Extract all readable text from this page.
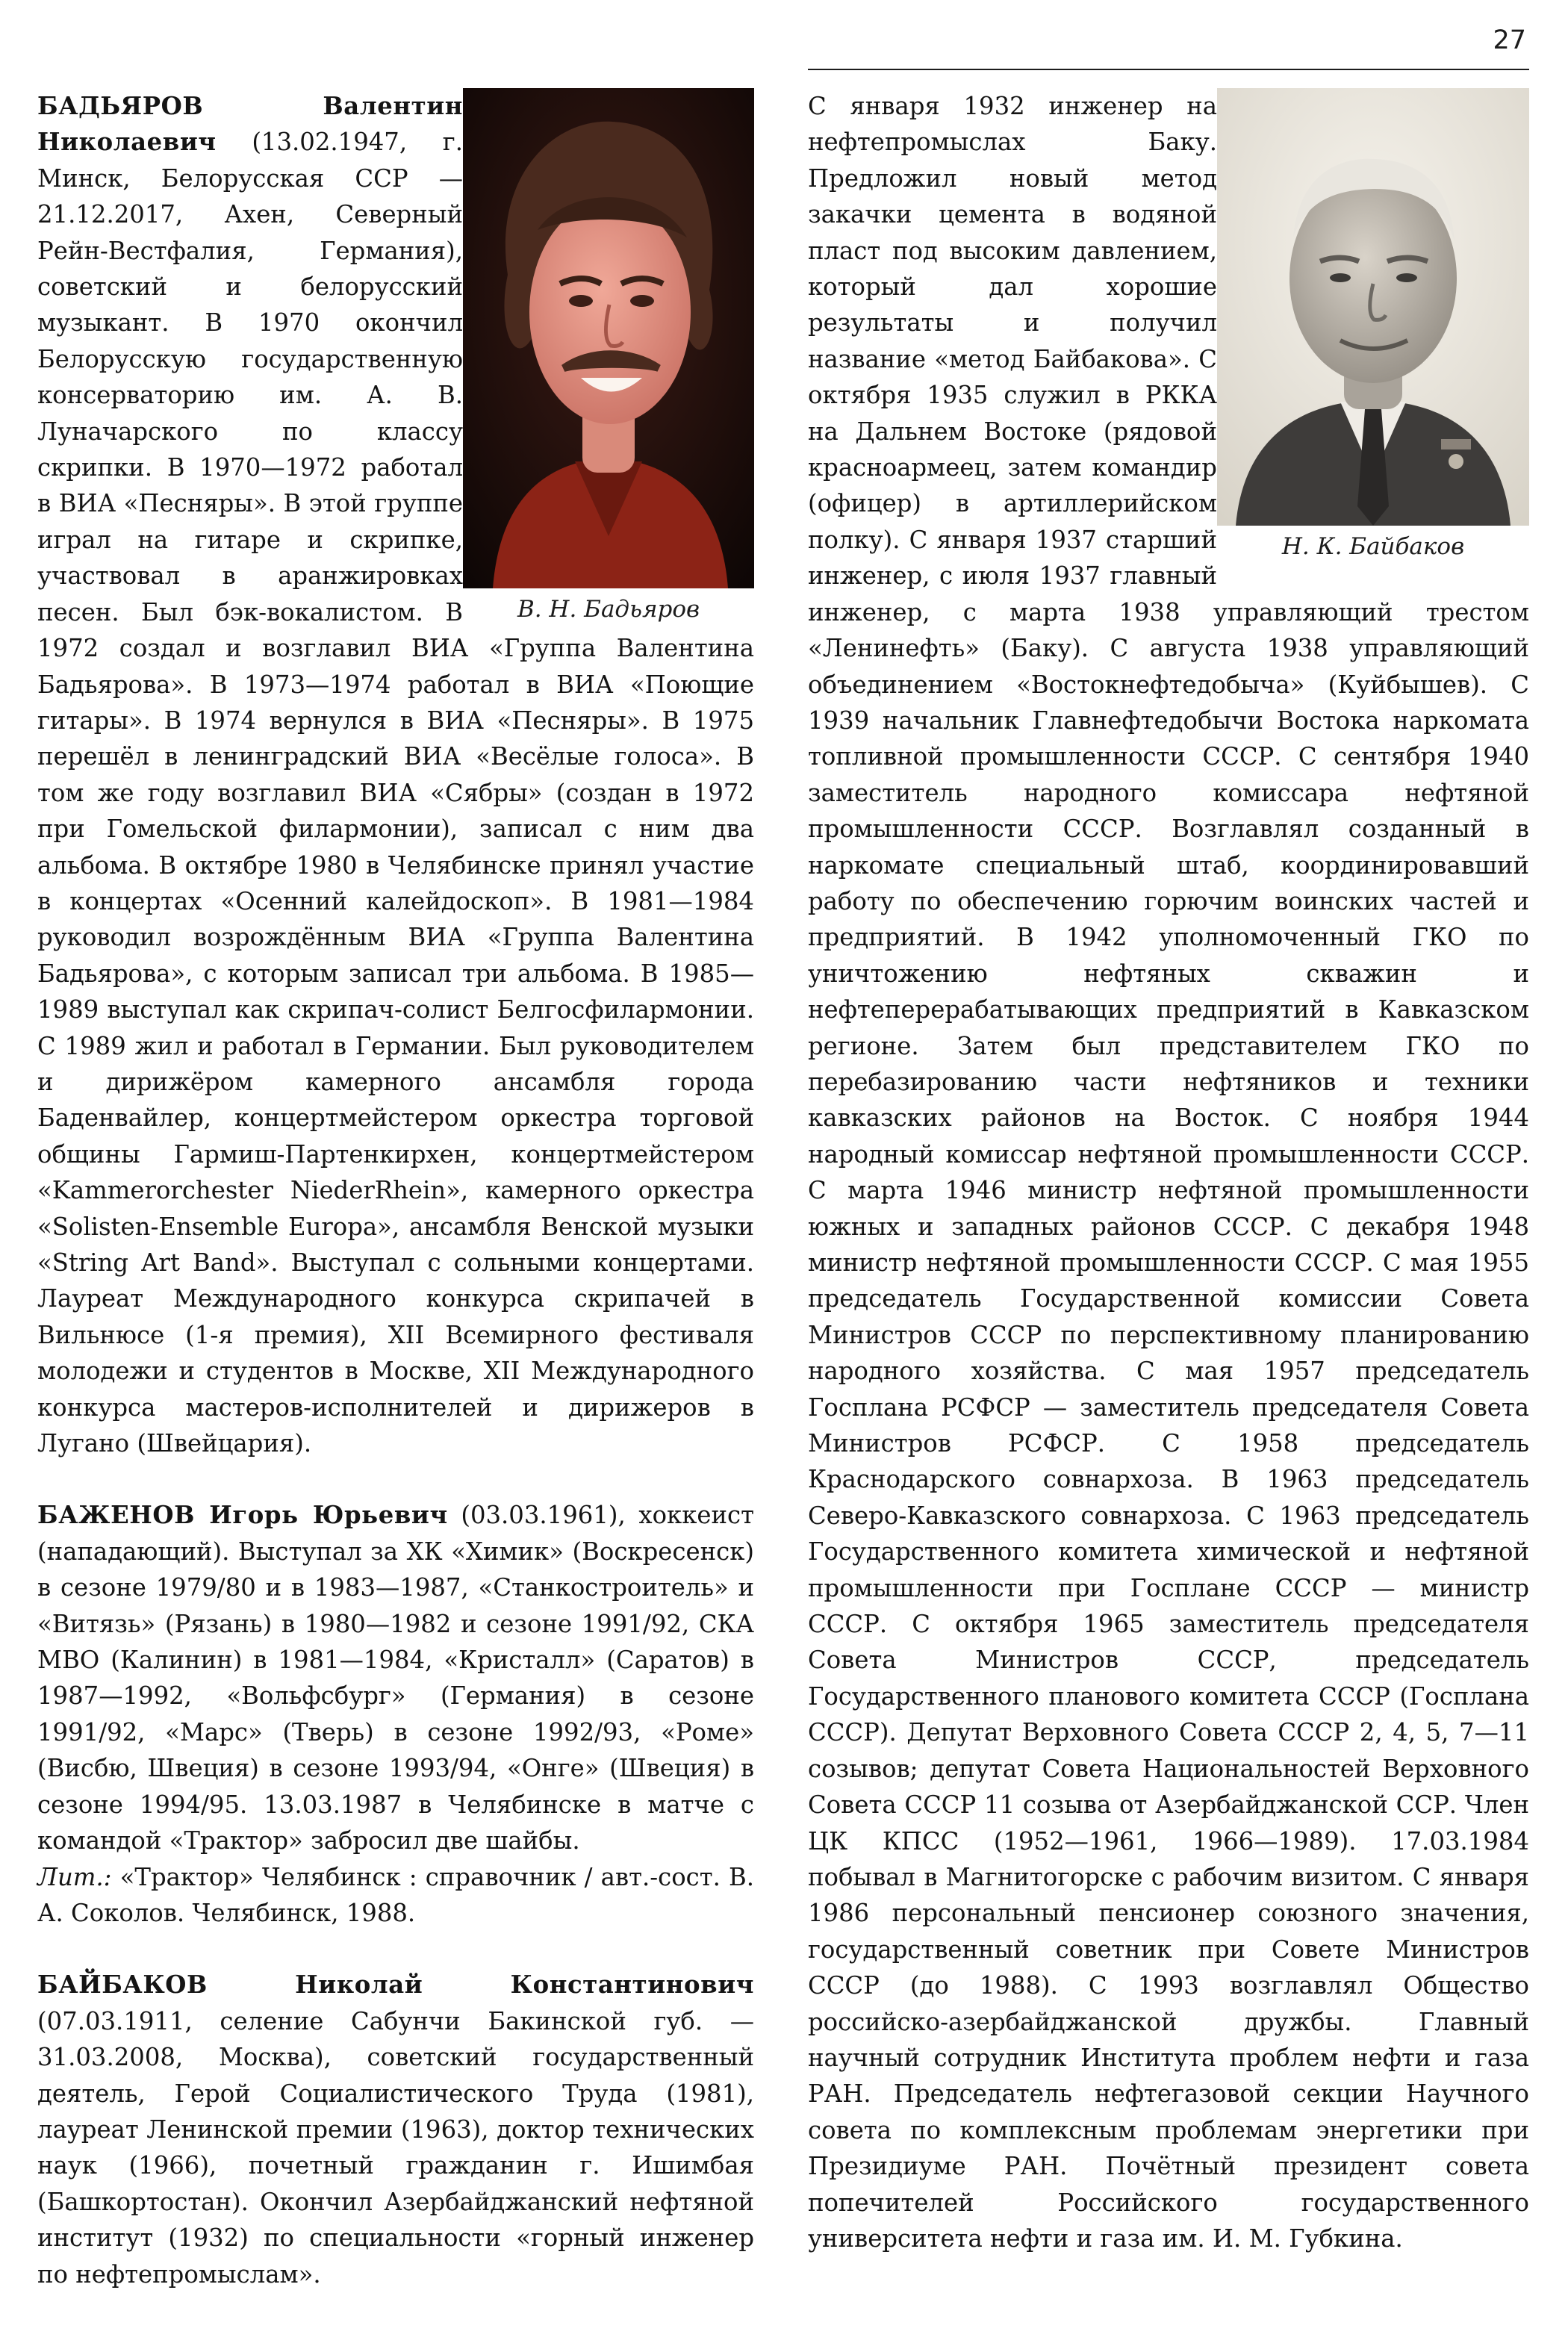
27
В. Н. Бадьяров

БАДЬЯРОВ Валентин Николаевич (13.02.1947, г. Минск, Белорусская ССР — 21.12.2017, Ахен, Северный Рейн-Вестфалия, Германия), советский и белорусский музыкант. В 1970 окончил Белорусскую государственную консерваторию им. А. В. Луначарского по классу скрипки. В 1970—1972 работал в ВИА «Песняры». В этой группе играл на гитаре и скрипке, участвовал в аранжировках песен. Был бэк-вокалистом. В 1972 создал и возглавил ВИА «Группа Валентина Бадьярова». В 1973—1974 работал в ВИА «Поющие гитары». В 1974 вернулся в ВИА «Песняры». В 1975 перешёл в ленинградский ВИА «Весёлые голоса». В том же году возглавил ВИА «Сябры» (создан в 1972 при Гомельской филармонии), записал с ним два альбома. В октябре 1980 в Челябинске принял участие в концертах «Осенний калейдоскоп». В 1981—1984 руководил возрождённым ВИА «Группа Валентина Бадьярова», с которым записал три альбома. В 1985—1989 выступал как скрипач-солист Белгосфилармонии. С 1989 жил и работал в Германии. Был руководителем и дирижёром камерного ансамбля города Баденвайлер, концертмейстером оркестра торговой общины Гармиш-Партенкирхен, концертмейстером «Kammerorchester NiederRhein», камерного оркестра «Solisten-Ensemble Europa», ансамбля Венской музыки «String Art Band». Выступал с сольными концертами. Лауреат Международного конкурса скрипачей в Вильнюсе (1-я премия), XII Всемирного фестиваля молодежи и студентов в Москве, XII Международного конкурса мастеров-исполнителей и дирижеров в Лугано (Швейцария).

БАЖЕНОВ Игорь Юрьевич (03.03.1961), хоккеист (нападающий). Выступал за ХК «Химик» (Воскресенск) в сезоне 1979/80 и в 1983—1987, «Станкостроитель» и «Витязь» (Рязань) в 1980—1982 и сезоне 1991/92, СКА МВО (Калинин) в 1981—1984, «Кристалл» (Саратов) в 1987—1992, «Вольфсбург» (Германия) в сезоне 1991/92, «Марс» (Тверь) в сезоне 1992/93, «Роме» (Висбю, Швеция) в сезоне 1993/94, «Онге» (Швеция) в сезоне 1994/95. 13.03.1987 в Челябинске в матче с командой «Трактор» забросил две шайбы.

Лит.: «Трактор» Челябинск : справочник / авт.-сост. В. А. Соколов. Челябинск, 1988.

БАЙБАКОВ Николай Константинович (07.03.1911, селение Сабунчи Бакинской губ. — 31.03.2008, Москва), советский государственный деятель, Герой Социалистического Труда (1981), лауреат Ленинской премии (1963), доктор технических наук (1966), почетный гражданин г. Ишимбая (Башкортостан). Окончил Азербайджанский нефтяной институт (1932) по специальности «горный инженер по нефтепромыслам».

Н. К. Байбаков

С января 1932 инженер на нефтепромыслах Баку. Предложил новый метод закачки цемента в водяной пласт под высоким давлением, который дал хорошие результаты и получил название «метод Байбакова». С октября 1935 служил в РККА на Дальнем Востоке (рядовой красноармеец, затем командир (офицер) в артиллерийском полку). С января 1937 старший инженер, с июля 1937 главный инженер, с марта 1938 управляющий трестом «Ленинефть» (Баку). С августа 1938 управляющий объединением «Востокнефтедобыча» (Куйбышев). С 1939 начальник Главнефтедобычи Востока наркомата топливной промышленности СССР. С сентября 1940 заместитель народного комиссара нефтяной промышленности СССР. Возглавлял созданный в наркомате специальный штаб, координировавший работу по обеспечению горючим воинских частей и предприятий. В 1942 уполномоченный ГКО по уничтожению нефтяных скважин и нефтеперерабатывающих предприятий в Кавказском регионе. Затем был представителем ГКО по перебазированию части нефтяников и техники кавказских районов на Восток. С ноября 1944 народный комиссар нефтяной промышленности СССР. С марта 1946 министр нефтяной промышленности южных и западных районов СССР. С декабря 1948 министр нефтяной промышленности СССР. С мая 1955 председатель Государственной комиссии Совета Министров СССР по перспективному планированию народного хозяйства. С мая 1957 председатель Госплана РСФСР — заместитель председателя Совета Министров РСФСР. С 1958 председатель Краснодарского совнархоза. В 1963 председатель Северо-Кавказского совнархоза. С 1963 председатель Государственного комитета химической и нефтяной промышленности при Госплане СССР — министр СССР. С октября 1965 заместитель председателя Совета Министров СССР, председатель Государственного планового комитета СССР (Госплана СССР). Депутат Верховного Совета СССР 2, 4, 5, 7—11 созывов; депутат Совета Национальностей Верховного Совета СССР 11 созыва от Азербайджанской ССР. Член ЦК КПСС (1952—1961, 1966—1989). 17.03.1984 побывал в Магнитогорске с рабочим визитом. С января 1986 персональный пенсионер союзного значения, государственный советник при Совете Министров СССР (до 1988). С 1993 возглавлял Общество российско-азербайджанской дружбы. Главный научный сотрудник Института проблем нефти и газа РАН. Председатель нефтегазовой секции Научного совета по комплексным проблемам энергетики при Президиуме РАН. Почётный президент совета попечителей Российского государственного университета нефти и газа им. И. М. Губкина.
